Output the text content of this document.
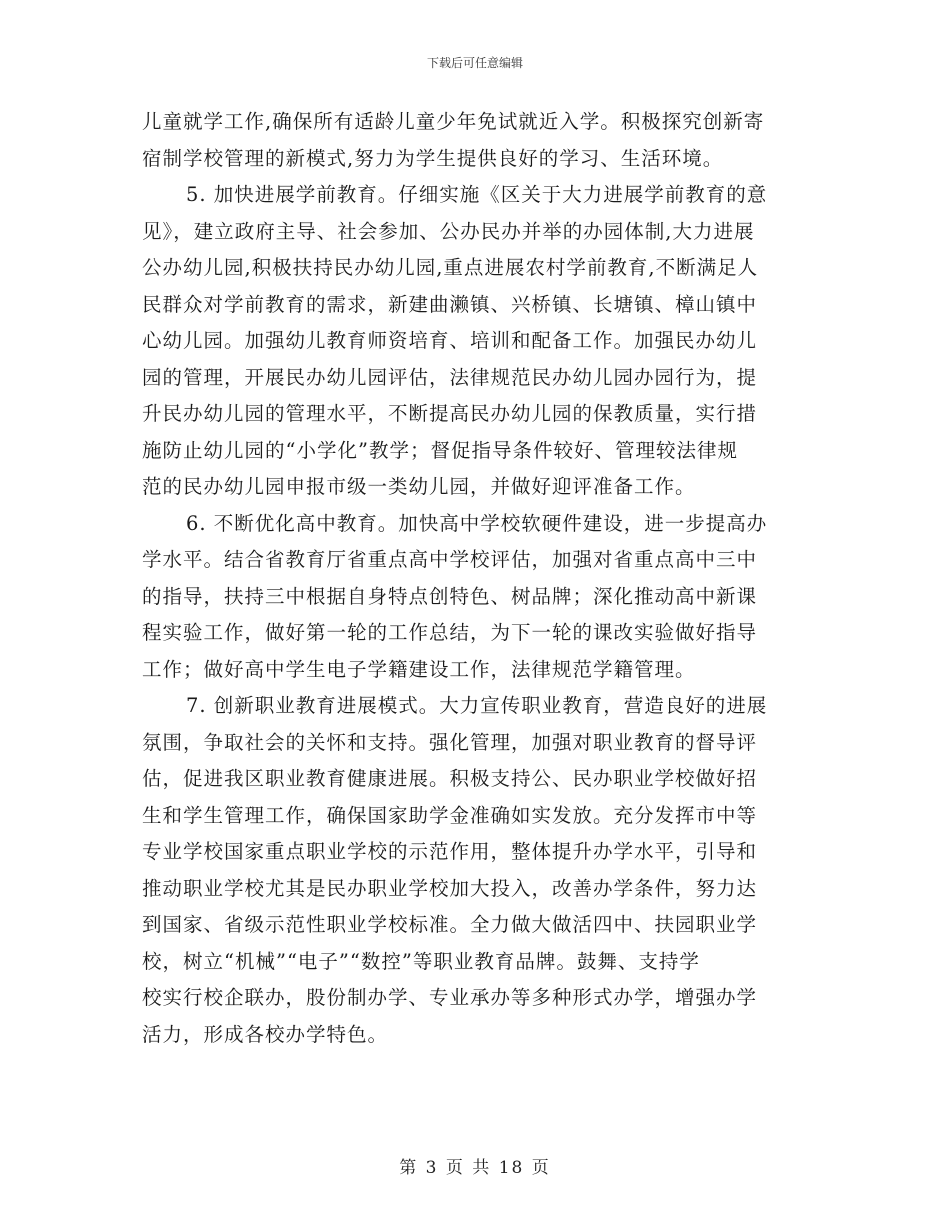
下载后可任意编辑
儿童就学工作,确保所有适龄儿童少年免试就近入学。积极探究创新寄
宿制学校管理的新模式,努力为学生提供良好的学习、生活环境。
5. 加快进展学前教育。仔细实施《区关于大力进展学前教育的意
见》，建立政府主导、社会参加、公办民办并举的办园体制,大力进展
公办幼儿园,积极扶持民办幼儿园,重点进展农村学前教育,不断满足人
民群众对学前教育的需求，新建曲濑镇、兴桥镇、长塘镇、樟山镇中
心幼儿园。加强幼儿教育师资培育、培训和配备工作。加强民办幼儿
园的管理，开展民办幼儿园评估，法律规范民办幼儿园办园行为，提
升民办幼儿园的管理水平，不断提高民办幼儿园的保教质量，实行措
施防止幼儿园的“小学化”教学；督促指导条件较好、管理较法律规
范的民办幼儿园申报市级一类幼儿园，并做好迎评准备工作。
6. 不断优化高中教育。加快高中学校软硬件建设，进一步提高办
学水平。结合省教育厅省重点高中学校评估，加强对省重点高中三中
的指导，扶持三中根据自身特点创特色、树品牌；深化推动高中新课
程实验工作，做好第一轮的工作总结，为下一轮的课改实验做好指导
工作；做好高中学生电子学籍建设工作，法律规范学籍管理。
7. 创新职业教育进展模式。大力宣传职业教育，营造良好的进展
氛围，争取社会的关怀和支持。强化管理，加强对职业教育的督导评
估，促进我区职业教育健康进展。积极支持公、民办职业学校做好招
生和学生管理工作，确保国家助学金准确如实发放。充分发挥市中等
专业学校国家重点职业学校的示范作用，整体提升办学水平，引导和
推动职业学校尤其是民办职业学校加大投入，改善办学条件，努力达
到国家、省级示范性职业学校标准。全力做大做活四中、扶园职业学
校，树立“机械”“电子”“数控”等职业教育品牌。鼓舞、支持学
校实行校企联办，股份制办学、专业承办等多种形式办学，增强办学
活力，形成各校办学特色。
第 3 页 共 18 页
